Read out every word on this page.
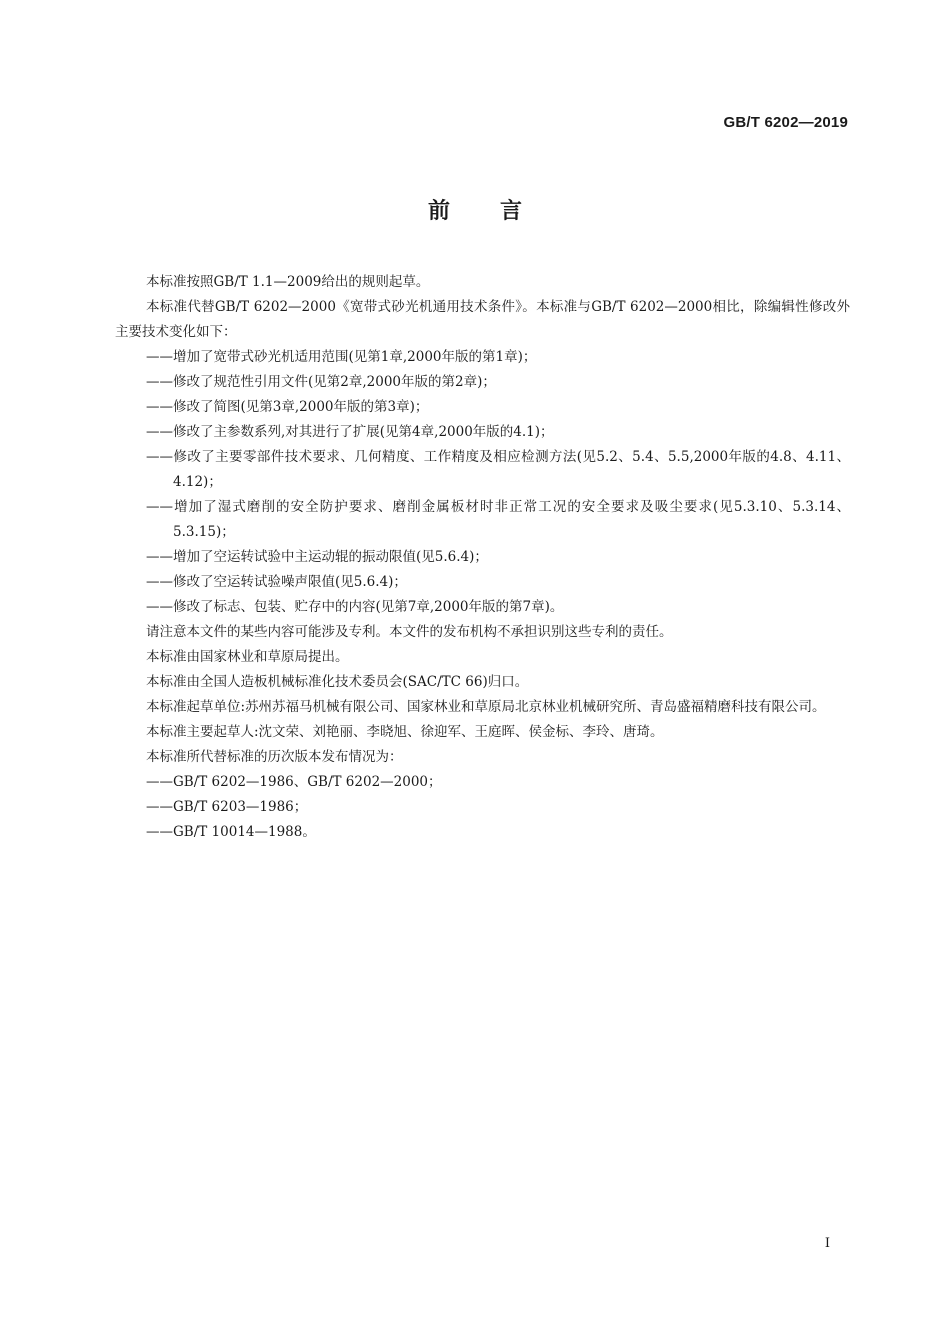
GB/T 6202—2019
前 言

本标准按照GB/T 1.1—2009给出的规则起草。

本标准代替GB/T 6202—2000《宽带式砂光机通用技术条件》。本标准与GB/T 6202—2000相比，除编辑性修改外主要技术变化如下：

——增加了宽带式砂光机适用范围(见第1章,2000年版的第1章)；
——修改了规范性引用文件(见第2章,2000年版的第2章)；
——修改了简图(见第3章,2000年版的第3章)；
——修改了主参数系列,对其进行了扩展(见第4章,2000年版的4.1)；
——修改了主要零部件技术要求、几何精度、工作精度及相应检测方法(见5.2、5.4、5.5,2000年版的4.8、4.11、4.12)；
——增加了湿式磨削的安全防护要求、磨削金属板材时非正常工况的安全要求及吸尘要求(见5.3.10、5.3.14、5.3.15)；
——增加了空运转试验中主运动辊的振动限值(见5.6.4)；
——修改了空运转试验噪声限值(见5.6.4)；
——修改了标志、包装、贮存中的内容(见第7章,2000年版的第7章)。

请注意本文件的某些内容可能涉及专利。本文件的发布机构不承担识别这些专利的责任。

本标准由国家林业和草原局提出。

本标准由全国人造板机械标准化技术委员会(SAC/TC 66)归口。

本标准起草单位:苏州苏福马机械有限公司、国家林业和草原局北京林业机械研究所、青岛盛福精磨科技有限公司。

本标准主要起草人:沈文荣、刘艳丽、李晓旭、徐迎军、王庭晖、侯金标、李玲、唐琦。

本标准所代替标准的历次版本发布情况为：

——GB/T 6202—1986、GB/T 6202—2000；
——GB/T 6203—1986；
——GB/T 10014—1988。
I
